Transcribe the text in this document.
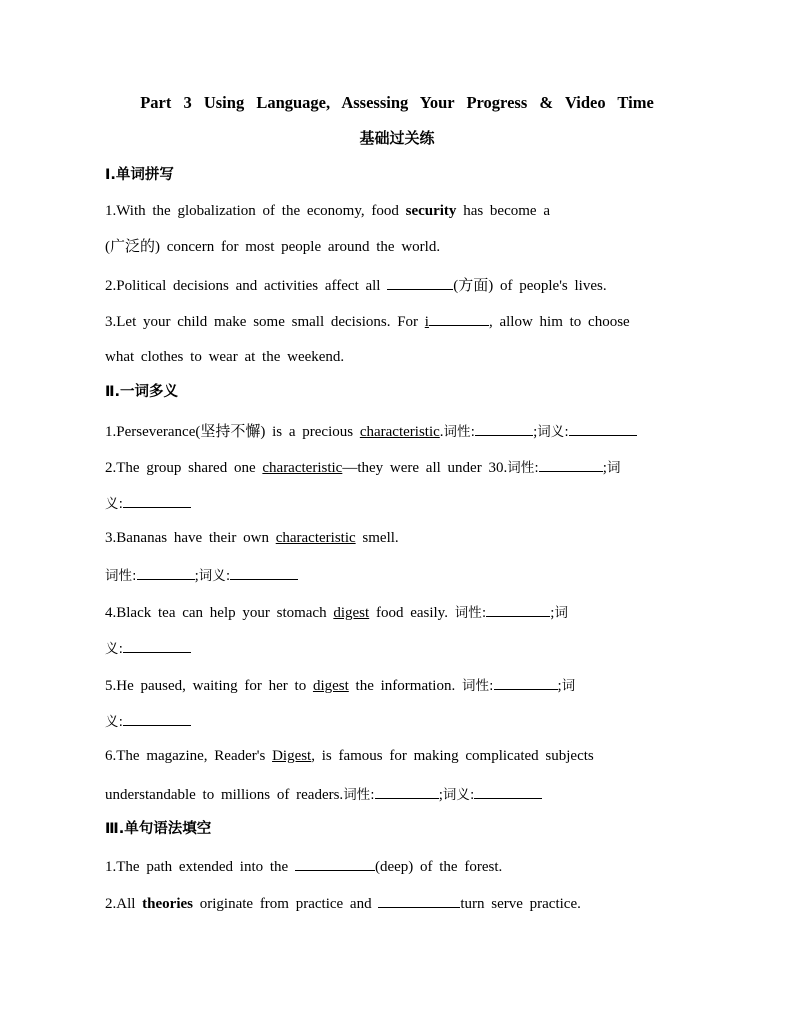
Part 3 Using Language, Assessing Your Progress & Video Time
基础过关练
Ⅰ.单词拼写
1.With the globalization of the economy, food security has become a
(广泛的) concern for most people around the world.
2.Political decisions and activities affect all	(方面) of people's lives.
3.Let your child make some small decisions. For i	, allow him to choose
what clothes to wear at the weekend.
Ⅱ.一词多义
1.Perseverance(坚持不懈) is a precious characteristic.词性:	;词义:
2.The group shared one characteristic—they were all under 30.词性:	;词
义:
3.Bananas have their own characteristic smell.
词性:	;词义:
4.Black tea can help your stomach digest food easily. 词性:	;词
义:
5.He paused, waiting for her to digest the information. 词性:	;词
义:
6.The magazine, Reader's Digest, is famous for making complicated subjects
understandable to millions of readers.词性:	;词义:
Ⅲ.单句语法填空
1.The path extended into the	(deep) of the forest.
2.All theories originate from practice and	turn serve practice.
